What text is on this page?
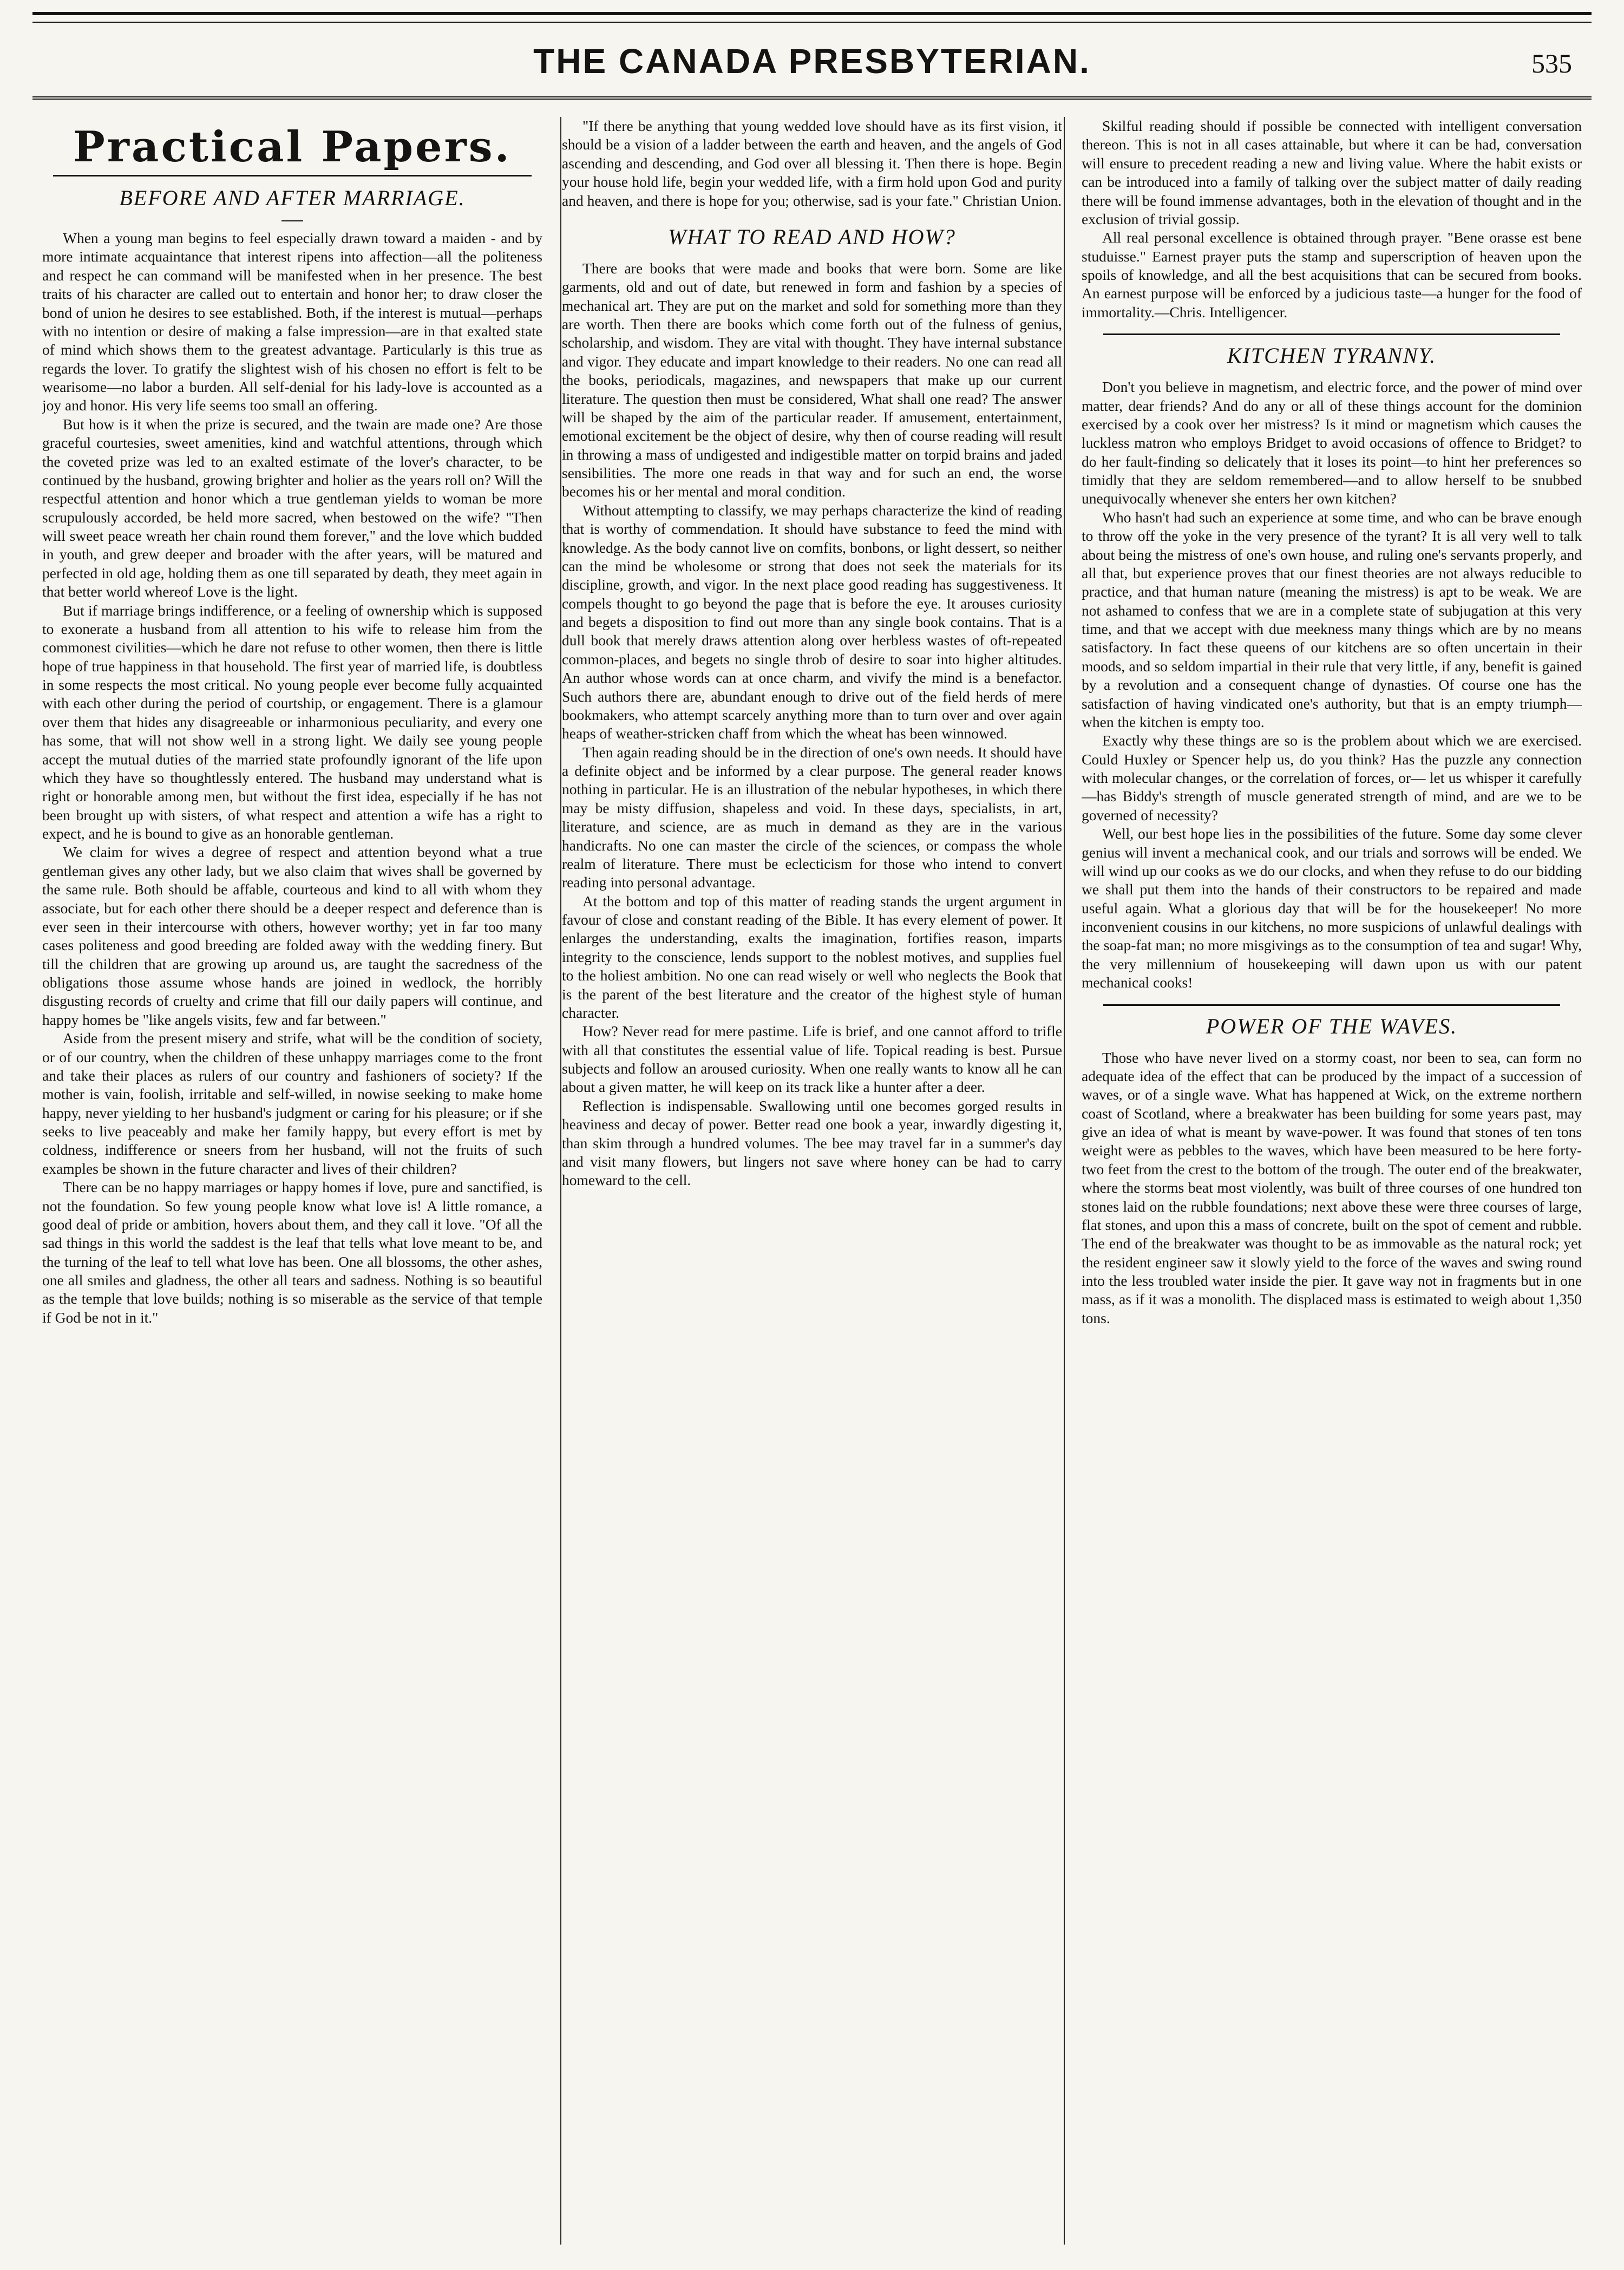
THE CANADA PRESBYTERIAN.	535
Practical Papers.
BEFORE AND AFTER MARRIAGE.

When a young man begins to feel especially drawn toward a maiden - and by more intimate acquaintance that interest ripens into affection—all the politeness and respect he can command will be manifested when in her presence. The best traits of his character are called out to entertain and honor her; to draw closer the bond of union he desires to see established. Both, if the interest is mutual—perhaps with no intention or desire of making a false impression—are in that exalted state of mind which shows them to the greatest advantage. Particularly is this true as regards the lover. To gratify the slightest wish of his chosen no effort is felt to be wearisome—no labor a burden. All self-denial for his lady-love is accounted as a joy and honor. His very life seems too small an offering.

But how is it when the prize is secured, and the twain are made one? Are those graceful courtesies, sweet amenities, kind and watchful attentions, through which the coveted prize was led to an exalted estimate of the lover's character, to be continued by the husband, growing brighter and holier as the years roll on? Will the respectful attention and honor which a true gentleman yields to woman be more scrupulously accorded, be held more sacred, when bestowed on the wife? "Then will sweet peace wreath her chain round them forever," and the love which budded in youth, and grew deeper and broader with the after years, will be matured and perfected in old age, holding them as one till separated by death, they meet again in that better world whereof Love is the light.

But if marriage brings indifference, or a feeling of ownership which is supposed to exonerate a husband from all attention to his wife to release him from the commonest civilities—which he dare not refuse to other women, then there is little hope of true happiness in that household. The first year of married life, is doubtless in some respects the most critical. No young people ever become fully acquainted with each other during the period of courtship, or engagement. There is a glamour over them that hides any disagreeable or inharmonious peculiarity, and every one has some, that will not show well in a strong light. We daily see young people accept the mutual duties of the married state profoundly ignorant of the life upon which they have so thoughtlessly entered. The husband may understand what is right or honorable among men, but without the first idea, especially if he has not been brought up with sisters, of what respect and attention a wife has a right to expect, and he is bound to give as an honorable gentleman.

We claim for wives a degree of respect and attention beyond what a true gentleman gives any other lady, but we also claim that wives shall be governed by the same rule. Both should be affable, courteous and kind to all with whom they associate, but for each other there should be a deeper respect and deference than is ever seen in their intercourse with others, however worthy; yet in far too many cases politeness and good breeding are folded away with the wedding finery. But till the children that are growing up around us, are taught the sacredness of the obligations those assume whose hands are joined in wedlock, the horribly disgusting records of cruelty and crime that fill our daily papers will continue, and happy homes be "like angels visits, few and far between."

Aside from the present misery and strife, what will be the condition of society, or of our country, when the children of these unhappy marriages come to the front and take their places as rulers of our country and fashioners of society? If the mother is vain, foolish, irritable and self-willed, in nowise seeking to make home happy, never yielding to her husband's judgment or caring for his pleasure; or if she seeks to live peaceably and make her family happy, but every effort is met by coldness, indifference or sneers from her husband, will not the fruits of such examples be shown in the future character and lives of their children?

There can be no happy marriages or happy homes if love, pure and sanctified, is not the foundation. So few young people know what love is! A little romance, a good deal of pride or ambition, hovers about them, and they call it love. "Of all the sad things in this world the saddest is the leaf that tells what love meant to be, and the turning of the leaf to tell what love has been. One all blossoms, the other ashes, one all smiles and gladness, the other all tears and sadness. Nothing is so beautiful as the temple that love builds; nothing is so miserable as the service of that temple if God be not in it."

"If there be anything that young wedded love should have as its first vision, it should be a vision of a ladder between the earth and heaven, and the angels of God ascending and descending, and God over all blessing it. Then there is hope. Begin your house hold life, begin your wedded life, with a firm hold upon God and purity and heaven, and there is hope for you; otherwise, sad is your fate." Christian Union.

WHAT TO READ AND HOW?

There are books that were made and books that were born. Some are like garments, old and out of date, but renewed in form and fashion by a species of mechanical art. They are put on the market and sold for something more than they are worth. Then there are books which come forth out of the fulness of genius, scholarship, and wisdom. They are vital with thought. They have internal substance and vigor. They educate and impart knowledge to their readers. No one can read all the books, periodicals, magazines, and newspapers that make up our current literature. The question then must be considered, What shall one read? The answer will be shaped by the aim of the particular reader. If amusement, entertainment, emotional excitement be the object of desire, why then of course reading will result in throwing a mass of undigested and indigestible matter on torpid brains and jaded sensibilities. The more one reads in that way and for such an end, the worse becomes his or her mental and moral condition.

Without attempting to classify, we may perhaps characterize the kind of reading that is worthy of commendation. It should have substance to feed the mind with knowledge. As the body cannot live on comfits, bonbons, or light dessert, so neither can the mind be wholesome or strong that does not seek the materials for its discipline, growth, and vigor. In the next place good reading has suggestiveness. It compels thought to go beyond the page that is before the eye. It arouses curiosity and begets a disposition to find out more than any single book contains. That is a dull book that merely draws attention along over herbless wastes of oft-repeated common-places, and begets no single throb of desire to soar into higher altitudes. An author whose words can at once charm, and vivify the mind is a benefactor. Such authors there are, abundant enough to drive out of the field herds of mere bookmakers, who attempt scarcely anything more than to turn over and over again heaps of weather-stricken chaff from which the wheat has been winnowed.

Then again reading should be in the direction of one's own needs. It should have a definite object and be informed by a clear purpose. The general reader knows nothing in particular. He is an illustration of the nebular hypotheses, in which there may be misty diffusion, shapeless and void. In these days, specialists, in art, literature, and science, are as much in demand as they are in the various handicrafts. No one can master the circle of the sciences, or compass the whole realm of literature. There must be eclecticism for those who intend to convert reading into personal advantage.

At the bottom and top of this matter of reading stands the urgent argument in favour of close and constant reading of the Bible. It has every element of power. It enlarges the understanding, exalts the imagination, fortifies reason, imparts integrity to the conscience, lends support to the noblest motives, and supplies fuel to the holiest ambition. No one can read wisely or well who neglects the Book that is the parent of the best literature and the creator of the highest style of human character.

How? Never read for mere pastime. Life is brief, and one cannot afford to trifle with all that constitutes the essential value of life. Topical reading is best. Pursue subjects and follow an aroused curiosity. When one really wants to know all he can about a given matter, he will keep on its track like a hunter after a deer.

Reflection is indispensable. Swallowing until one becomes gorged results in heaviness and decay of power. Better read one book a year, inwardly digesting it, than skim through a hundred volumes. The bee may travel far in a summer's day and visit many flowers, but lingers not save where honey can be had to carry homeward to the cell.

Skilful reading should if possible be connected with intelligent conversation thereon. This is not in all cases attainable, but where it can be had, conversation will ensure to precedent reading a new and living value. Where the habit exists or can be introduced into a family of talking over the subject matter of daily reading there will be found immense advantages, both in the elevation of thought and in the exclusion of trivial gossip.

All real personal excellence is obtained through prayer. "Bene orasse est bene studuisse." Earnest prayer puts the stamp and superscription of heaven upon the spoils of knowledge, and all the best acquisitions that can be secured from books. An earnest purpose will be enforced by a judicious taste—a hunger for the food of immortality.—Chris. Intelligencer.

KITCHEN TYRANNY.

Don't you believe in magnetism, and electric force, and the power of mind over matter, dear friends? And do any or all of these things account for the dominion exercised by a cook over her mistress? Is it mind or magnetism which causes the luckless matron who employs Bridget to avoid occasions of offence to Bridget? to do her fault-finding so delicately that it loses its point—to hint her preferences so timidly that they are seldom remembered—and to allow herself to be snubbed unequivocally whenever she enters her own kitchen?

Who hasn't had such an experience at some time, and who can be brave enough to throw off the yoke in the very presence of the tyrant? It is all very well to talk about being the mistress of one's own house, and ruling one's servants properly, and all that, but experience proves that our finest theories are not always reducible to practice, and that human nature (meaning the mistress) is apt to be weak. We are not ashamed to confess that we are in a complete state of subjugation at this very time, and that we accept with due meekness many things which are by no means satisfactory. In fact these queens of our kitchens are so often uncertain in their moods, and so seldom impartial in their rule that very little, if any, benefit is gained by a revolution and a consequent change of dynasties. Of course one has the satisfaction of having vindicated one's authority, but that is an empty triumph—when the kitchen is empty too.

Exactly why these things are so is the problem about which we are exercised. Could Huxley or Spencer help us, do you think? Has the puzzle any connection with molecular changes, or the correlation of forces, or— let us whisper it carefully—has Biddy's strength of muscle generated strength of mind, and are we to be governed of necessity?

Well, our best hope lies in the possibilities of the future. Some day some clever genius will invent a mechanical cook, and our trials and sorrows will be ended. We will wind up our cooks as we do our clocks, and when they refuse to do our bidding we shall put them into the hands of their constructors to be repaired and made useful again. What a glorious day that will be for the housekeeper! No more inconvenient cousins in our kitchens, no more suspicions of unlawful dealings with the soap-fat man; no more misgivings as to the consumption of tea and sugar! Why, the very millennium of housekeeping will dawn upon us with our patent mechanical cooks!

POWER OF THE WAVES.

Those who have never lived on a stormy coast, nor been to sea, can form no adequate idea of the effect that can be produced by the impact of a succession of waves, or of a single wave. What has happened at Wick, on the extreme northern coast of Scotland, where a breakwater has been building for some years past, may give an idea of what is meant by wave-power. It was found that stones of ten tons weight were as pebbles to the waves, which have been measured to be here forty-two feet from the crest to the bottom of the trough. The outer end of the breakwater, where the storms beat most violently, was built of three courses of one hundred ton stones laid on the rubble foundations; next above these were three courses of large, flat stones, and upon this a mass of concrete, built on the spot of cement and rubble. The end of the breakwater was thought to be as immovable as the natural rock; yet the resident engineer saw it slowly yield to the force of the waves and swing round into the less troubled water inside the pier. It gave way not in fragments but in one mass, as if it was a monolith. The displaced mass is estimated to weigh about 1,350 tons.
